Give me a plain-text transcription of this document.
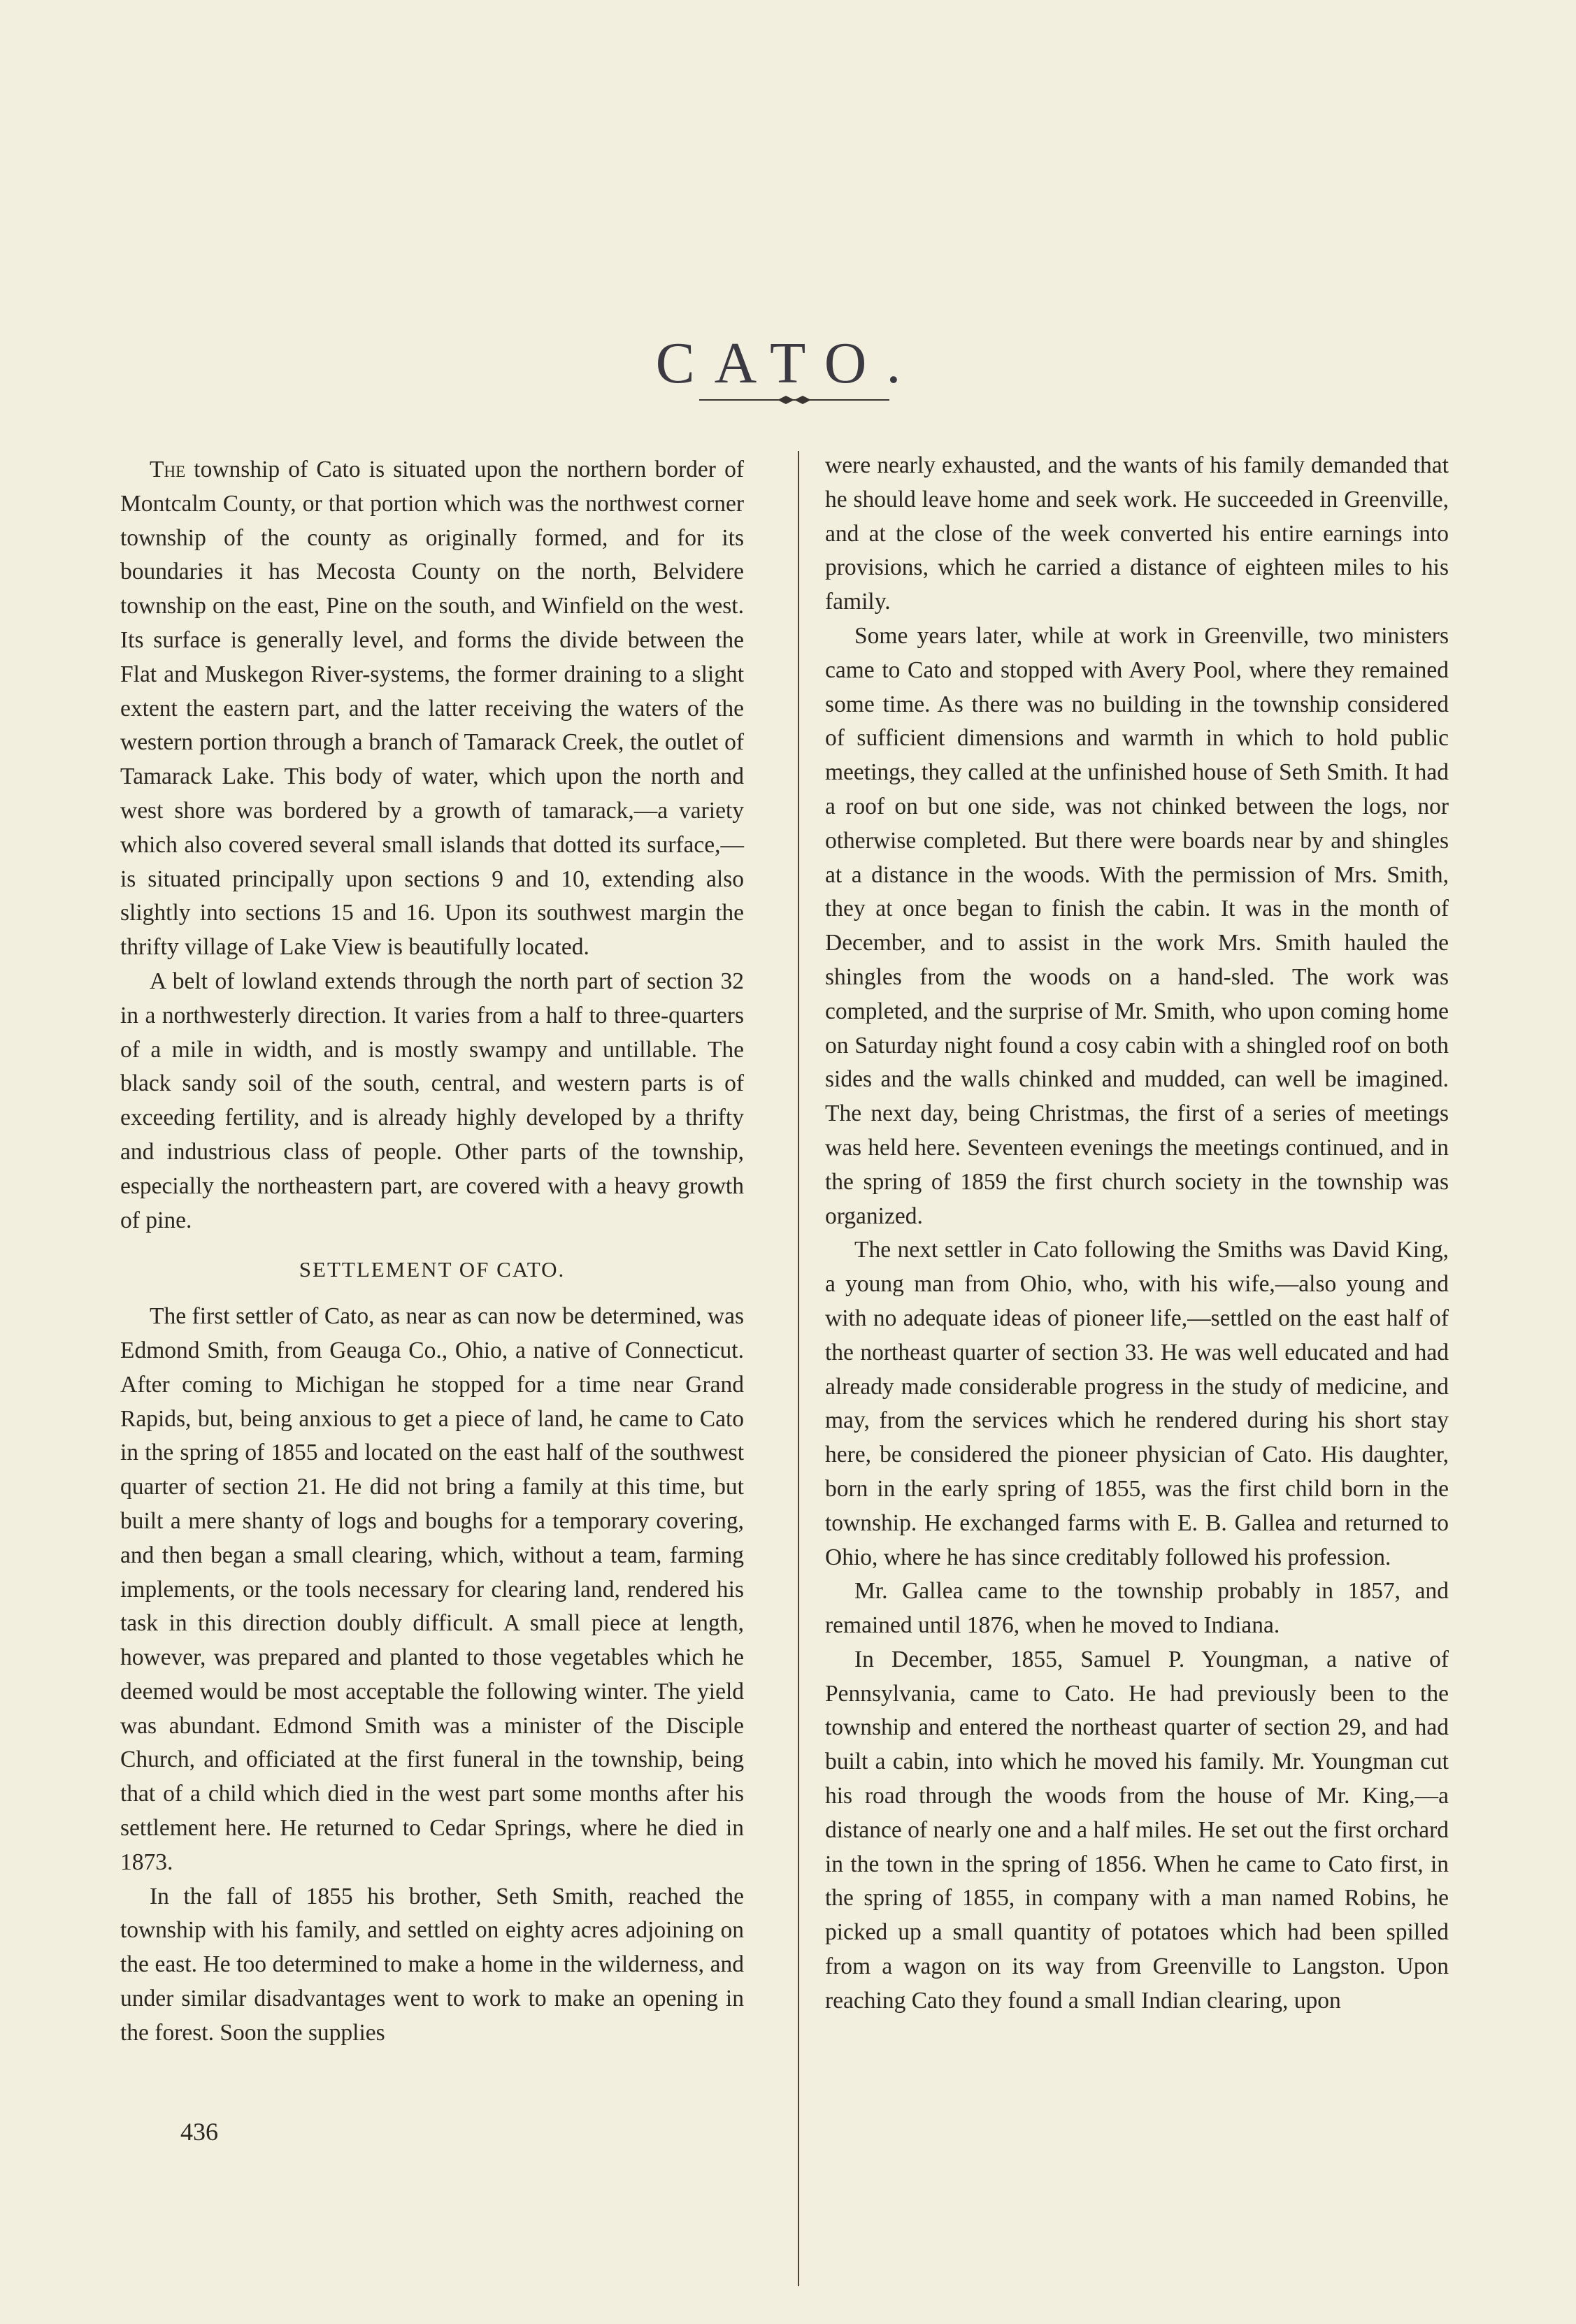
CATO.

The township of Cato is situated upon the northern border of Montcalm County, or that portion which was the northwest corner township of the county as originally formed, and for its boundaries it has Mecosta County on the north, Belvidere township on the east, Pine on the south, and Winfield on the west. Its surface is generally level, and forms the divide between the Flat and Muskegon River-systems, the former draining to a slight extent the eastern part, and the latter receiving the waters of the western portion through a branch of Tamarack Creek, the outlet of Tamarack Lake. This body of water, which upon the north and west shore was bordered by a growth of tamarack,—a variety which also covered several small islands that dotted its surface,—is situated principally upon sections 9 and 10, extending also slightly into sections 15 and 16. Upon its southwest margin the thrifty village of Lake View is beautifully located.

A belt of lowland extends through the north part of section 32 in a northwesterly direction. It varies from a half to three-quarters of a mile in width, and is mostly swampy and untillable. The black sandy soil of the south, central, and western parts is of exceeding fertility, and is already highly developed by a thrifty and industrious class of people. Other parts of the township, especially the northeastern part, are covered with a heavy growth of pine.

SETTLEMENT OF CATO.

The first settler of Cato, as near as can now be determined, was Edmond Smith, from Geauga Co., Ohio, a native of Connecticut. After coming to Michigan he stopped for a time near Grand Rapids, but, being anxious to get a piece of land, he came to Cato in the spring of 1855 and located on the east half of the southwest quarter of section 21. He did not bring a family at this time, but built a mere shanty of logs and boughs for a temporary covering, and then began a small clearing, which, without a team, farming implements, or the tools necessary for clearing land, rendered his task in this direction doubly difficult. A small piece at length, however, was prepared and planted to those vegetables which he deemed would be most acceptable the following winter. The yield was abundant. Edmond Smith was a minister of the Disciple Church, and officiated at the first funeral in the township, being that of a child which died in the west part some months after his settlement here. He returned to Cedar Springs, where he died in 1873.

In the fall of 1855 his brother, Seth Smith, reached the township with his family, and settled on eighty acres adjoining on the east. He too determined to make a home in the wilderness, and under similar disadvantages went to work to make an opening in the forest. Soon the supplies

were nearly exhausted, and the wants of his family demanded that he should leave home and seek work. He succeeded in Greenville, and at the close of the week converted his entire earnings into provisions, which he carried a distance of eighteen miles to his family.

Some years later, while at work in Greenville, two ministers came to Cato and stopped with Avery Pool, where they remained some time. As there was no building in the township considered of sufficient dimensions and warmth in which to hold public meetings, they called at the unfinished house of Seth Smith. It had a roof on but one side, was not chinked between the logs, nor otherwise completed. But there were boards near by and shingles at a distance in the woods. With the permission of Mrs. Smith, they at once began to finish the cabin. It was in the month of December, and to assist in the work Mrs. Smith hauled the shingles from the woods on a hand-sled. The work was completed, and the surprise of Mr. Smith, who upon coming home on Saturday night found a cosy cabin with a shingled roof on both sides and the walls chinked and mudded, can well be imagined. The next day, being Christmas, the first of a series of meetings was held here. Seventeen evenings the meetings continued, and in the spring of 1859 the first church society in the township was organized.

The next settler in Cato following the Smiths was David King, a young man from Ohio, who, with his wife,—also young and with no adequate ideas of pioneer life,—settled on the east half of the northeast quarter of section 33. He was well educated and had already made considerable progress in the study of medicine, and may, from the services which he rendered during his short stay here, be considered the pioneer physician of Cato. His daughter, born in the early spring of 1855, was the first child born in the township. He exchanged farms with E. B. Gallea and returned to Ohio, where he has since creditably followed his profession.

Mr. Gallea came to the township probably in 1857, and remained until 1876, when he moved to Indiana.

In December, 1855, Samuel P. Youngman, a native of Pennsylvania, came to Cato. He had previously been to the township and entered the northeast quarter of section 29, and had built a cabin, into which he moved his family. Mr. Youngman cut his road through the woods from the house of Mr. King,—a distance of nearly one and a half miles. He set out the first orchard in the town in the spring of 1856. When he came to Cato first, in the spring of 1855, in company with a man named Robins, he picked up a small quantity of potatoes which had been spilled from a wagon on its way from Greenville to Langston. Upon reaching Cato they found a small Indian clearing, upon

436
